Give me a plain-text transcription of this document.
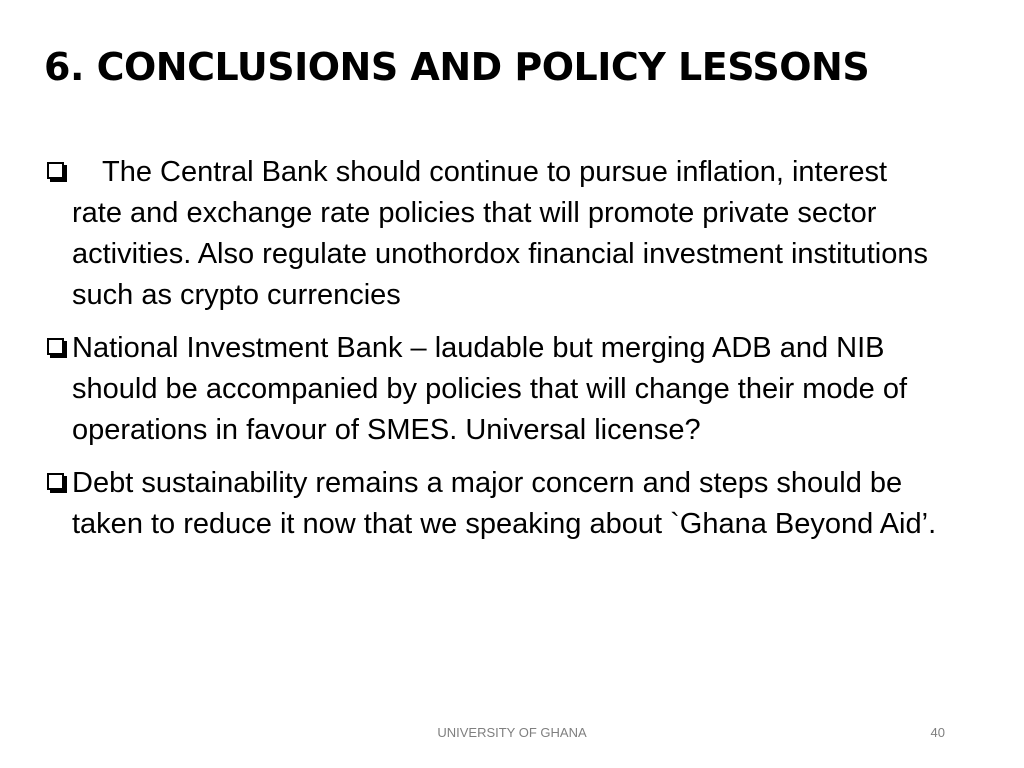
6. CONCLUSIONS AND POLICY LESSONS
The Central Bank should continue to pursue inflation, interest rate and exchange rate policies that will promote private sector activities. Also regulate unothordox financial investment institutions such as crypto currencies
National Investment Bank – laudable but merging ADB and NIB should be accompanied by policies that will change their mode of operations in favour of SMES. Universal license?
Debt sustainability remains a major concern and steps should be taken to reduce it now that we speaking about `Ghana Beyond Aid’.

UNIVERSITY OF GHANA	40
